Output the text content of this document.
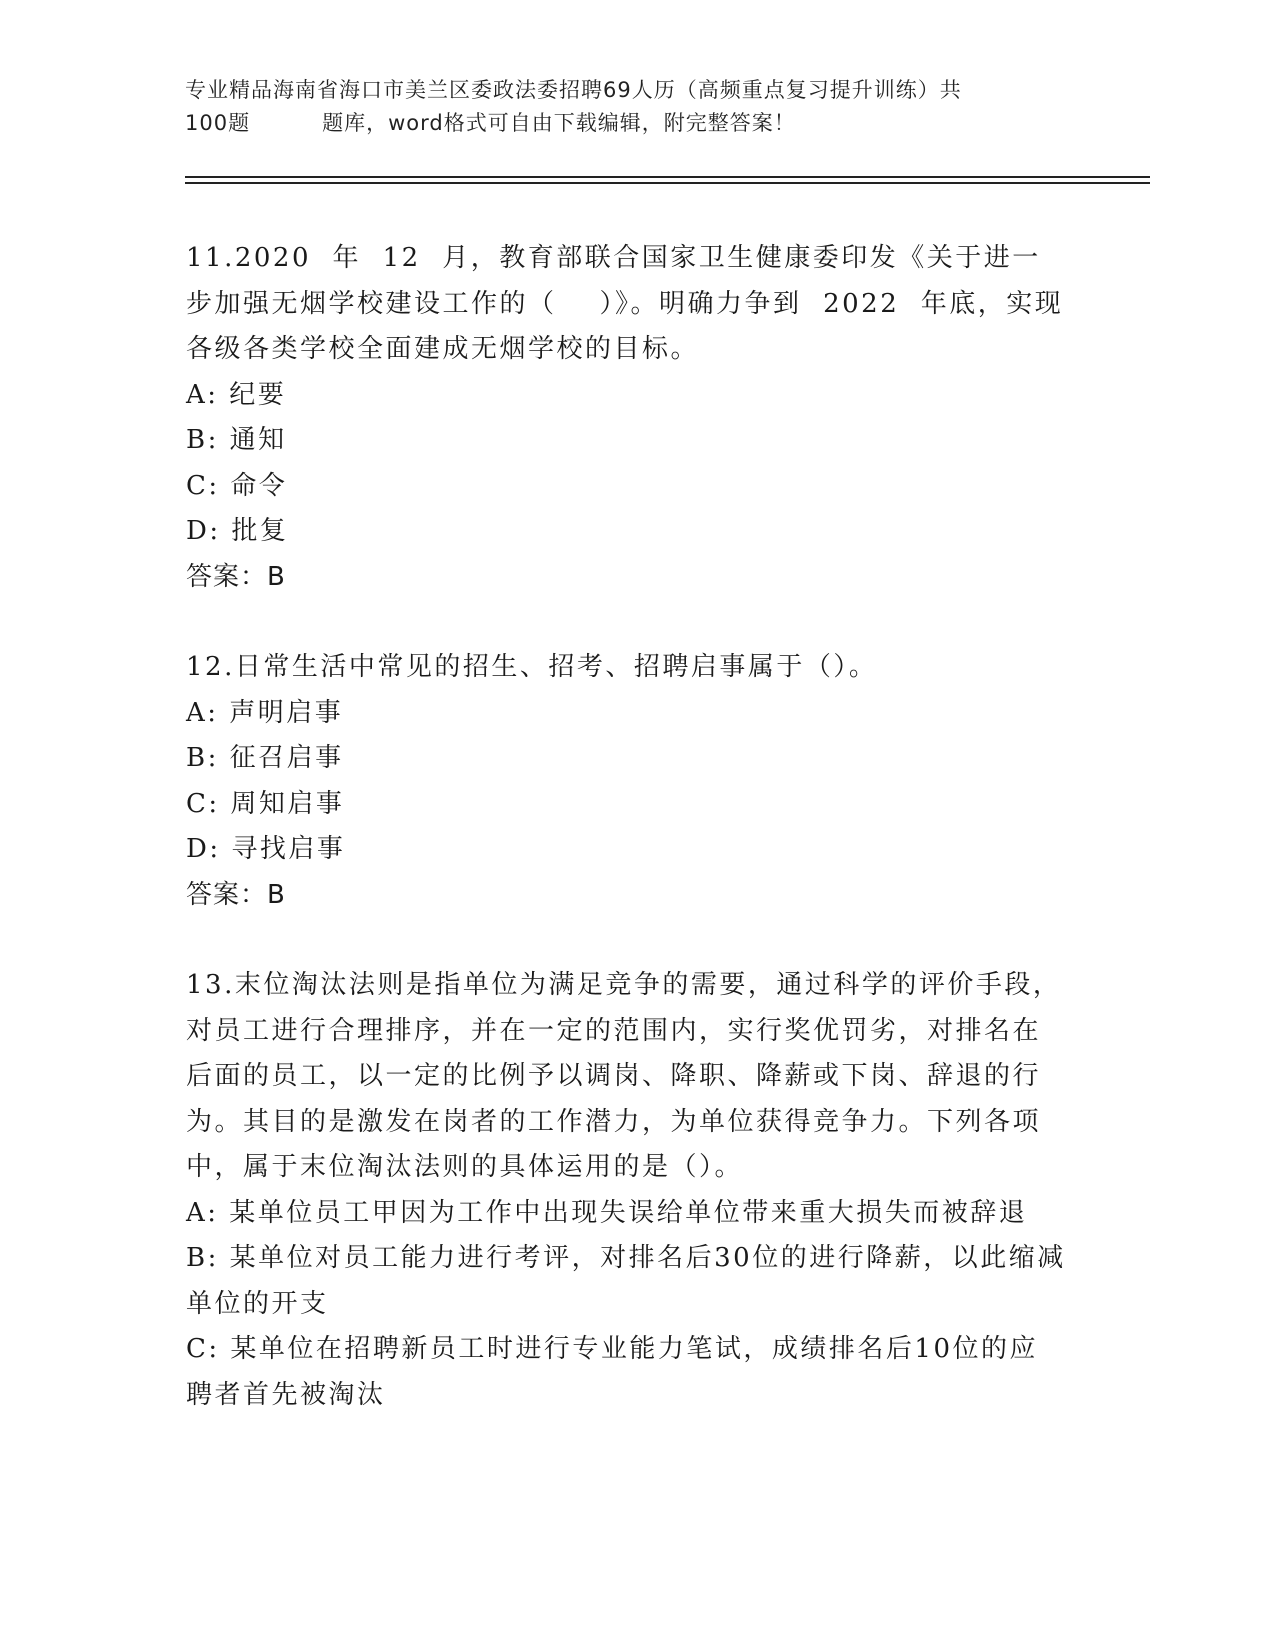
专业精品海南省海口市美兰区委政法委招聘69人历（高频重点复习提升训练）共
100题	题库，word格式可自由下载编辑，附完整答案！
11.2020  年  12  月，教育部联合国家卫生健康委印发《关于进一步加强无烟学校建设工作的（    ）》。明确力争到  2022  年底，实现各级各类学校全面建成无烟学校的目标。
A: 纪要
B: 通知
C: 命令
D: 批复
答案：B
12.日常生活中常见的招生、招考、招聘启事属于（）。
A: 声明启事
B: 征召启事
C: 周知启事
D: 寻找启事
答案：B
13.末位淘汰法则是指单位为满足竞争的需要，通过科学的评价手段，对员工进行合理排序，并在一定的范围内，实行奖优罚劣，对排名在后面的员工，以一定的比例予以调岗、降职、降薪或下岗、辞退的行为。其目的是激发在岗者的工作潜力，为单位获得竞争力。下列各项中，属于末位淘汰法则的具体运用的是（）。
A: 某单位员工甲因为工作中出现失误给单位带来重大损失而被辞退
B: 某单位对员工能力进行考评，对排名后30位的进行降薪，以此缩减单位的开支
C: 某单位在招聘新员工时进行专业能力笔试，成绩排名后10位的应聘者首先被淘汰
